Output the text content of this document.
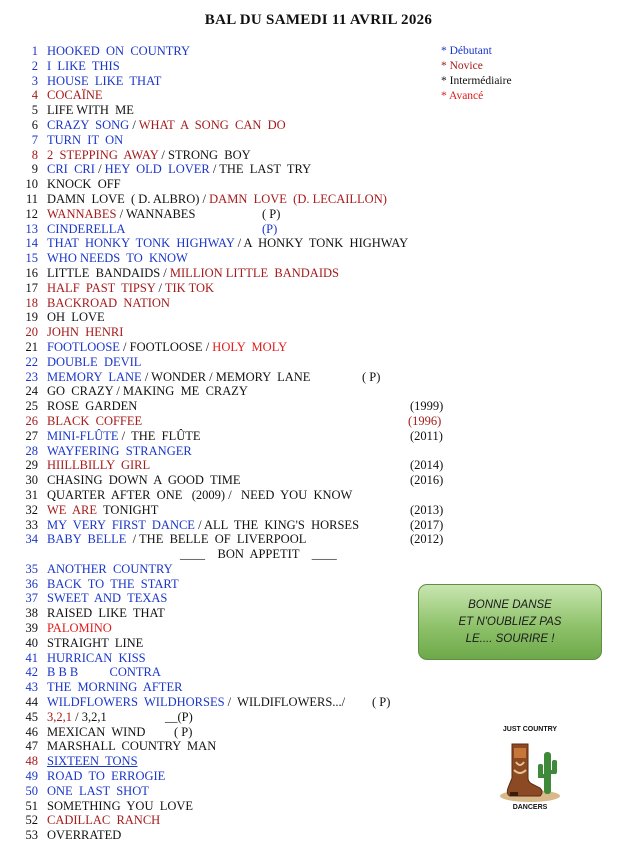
BAL DU SAMEDI 11 AVRIL 2026
* Débutant
* Novice
* Intermédiaire
* Avancé
1 HOOKED  ON  COUNTRY
2 I  LIKE  THIS
3 HOUSE  LIKE  THAT
4 COCAÏNE
5 LIFE WITH  ME
6 CRAZY  SONG / WHAT  A  SONG  CAN  DO
7 TURN  IT  ON
8 2  STEPPING  AWAY / STRONG  BOY
9 CRI  CRI / HEY  OLD  LOVER / THE  LAST  TRY
10 KNOCK  OFF
11 DAMN  LOVE  ( D. ALBRO) / DAMN  LOVE  (D. LECAILLON)
12 WANNABES / WANNABES	( P)
13 CINDERELLA	(P)
14 THAT  HONKY  TONK  HIGHWAY / A  HONKY  TONK  HIGHWAY
15 WHO NEEDS  TO  KNOW
16 LITTLE  BANDAIDS / MILLION LITTLE  BANDAIDS
17 HALF  PAST  TIPSY / TIK TOK
18 BACKROAD  NATION
19 OH  LOVE
20 JOHN  HENRI
21 FOOTLOOSE / FOOTLOOSE / HOLY  MOLY
22 DOUBLE  DEVIL
23 MEMORY  LANE / WONDER / MEMORY  LANE	( P)
24 GO  CRAZY / MAKING  ME  CRAZY
25 ROSE  GARDEN	(1999)
26 BLACK  COFFEE	(1996)
27 MINI-FLÛTE /  THE  FLÛTE	(2011)
28 WAYFERING  STRANGER
29 HIILLBILLY  GIRL	(2014)
30 CHASING  DOWN  A  GOOD  TIME	(2016)
31 QUARTER  AFTER  ONE   (2009) /   NEED  YOU  KNOW
32 WE  ARE  TONIGHT	(2013)
33 MY  VERY  FIRST  DANCE / ALL  THE  KING'S  HORSES	(2017)
34 BABY  BELLE  / THE  BELLE  OF  LIVERPOOL	(2012)
____    BON  APPETIT    ____
35 ANOTHER  COUNTRY
36 BACK  TO  THE  START
37 SWEET  AND  TEXAS
38 RAISED  LIKE  THAT
39 PALOMINO
40 STRAIGHT  LINE
41 HURRICAN  KISS
42 B B B          CONTRA
43 THE  MORNING  AFTER
44 WILDFLOWERS  WILDHORSES /  WILDIFLOWERS.../ ( P)
45 3,2,1 / 3,2,1	__(P)
46 MEXICAN  WIND ( P)
47 MARSHALL  COUNTRY  MAN
48 SIXTEEN  TONS
49 ROAD  TO  ERROGIE
50 ONE  LAST  SHOT
51 SOMETHING  YOU  LOVE
52 CADILLAC  RANCH
53 OVERRATED
BONNE DANSE
ET N'OUBLIEZ PAS
LE.... SOURIRE !
JUST COUNTRY
DANCERS
